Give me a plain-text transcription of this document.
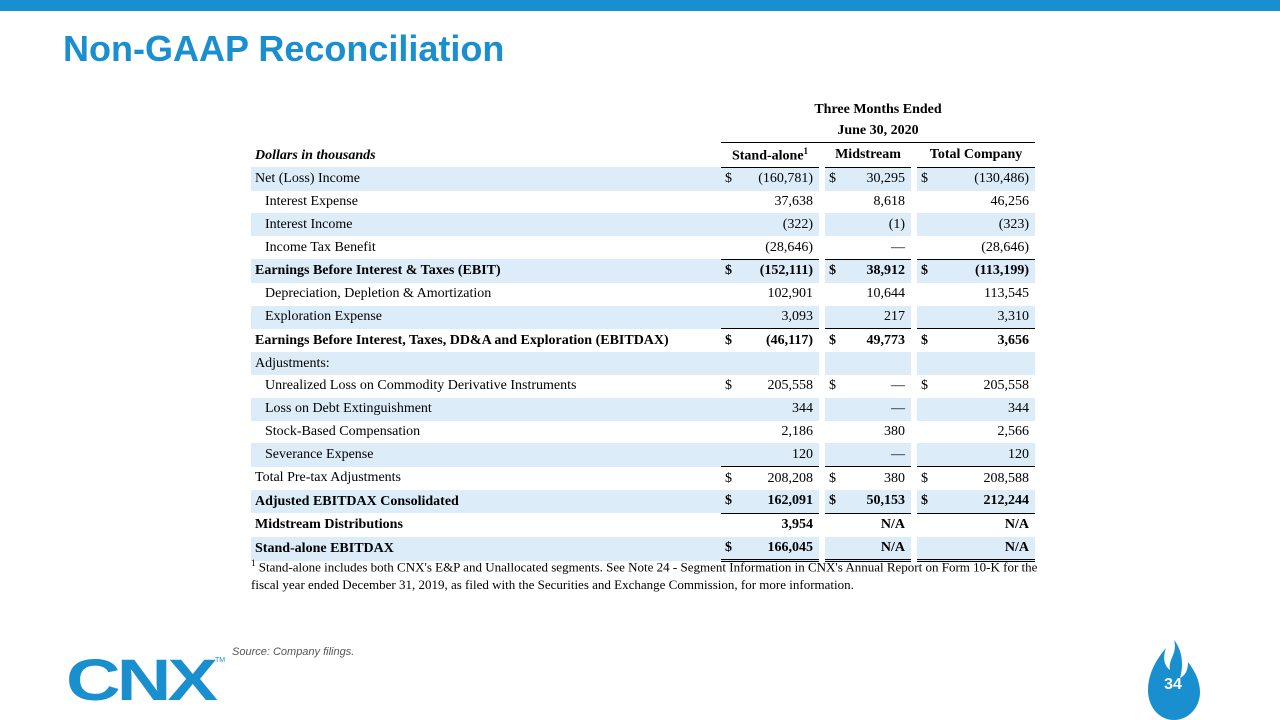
Non-GAAP Reconciliation
Three Months Ended
June 30, 2020
Dollars in thousands	Stand-alone$^1$			Midstream			Total Company	
Net (Loss) Income	$	(160,781)		$	30,295		$	(130,486)
Interest Expense		37,638			8,618			46,256
Interest Income		(322)			(1)			(323)
Income Tax Benefit		(28,646)			—			(28,646)
Earnings Before Interest & Taxes (EBIT)	$	(152,111)		$	38,912		$	(113,199)
Depreciation, Depletion & Amortization		102,901			10,644			113,545
Exploration Expense		3,093			217			3,310
Earnings Before Interest, Taxes, DD&A and Exploration (EBITDAX)	$	(46,117)		$	49,773		$	3,656
Adjustments:								
Unrealized Loss on Commodity Derivative Instruments	$	205,558		$	—		$	205,558
Loss on Debt Extinguishment		344			—			344
Stock-Based Compensation		2,186			380			2,566
Severance Expense		120			—			120
Total Pre-tax Adjustments	$	208,208		$	380		$	208,588
Adjusted EBITDAX Consolidated	$	162,091		$	50,153		$	212,244
Midstream Distributions		3,954			N/A			N/A
Stand-alone EBITDAX	$	166,045			N/A			N/A
$^1$ Stand-alone includes both CNX's E&P and Unallocated segments. See Note 24 - Segment Information in CNX's Annual Report on Form 10-K for the fiscal year ended December 31, 2019, as filed with the Securities and Exchange Commission, for more information.
Source: Company filings.
CNX
TM
34
